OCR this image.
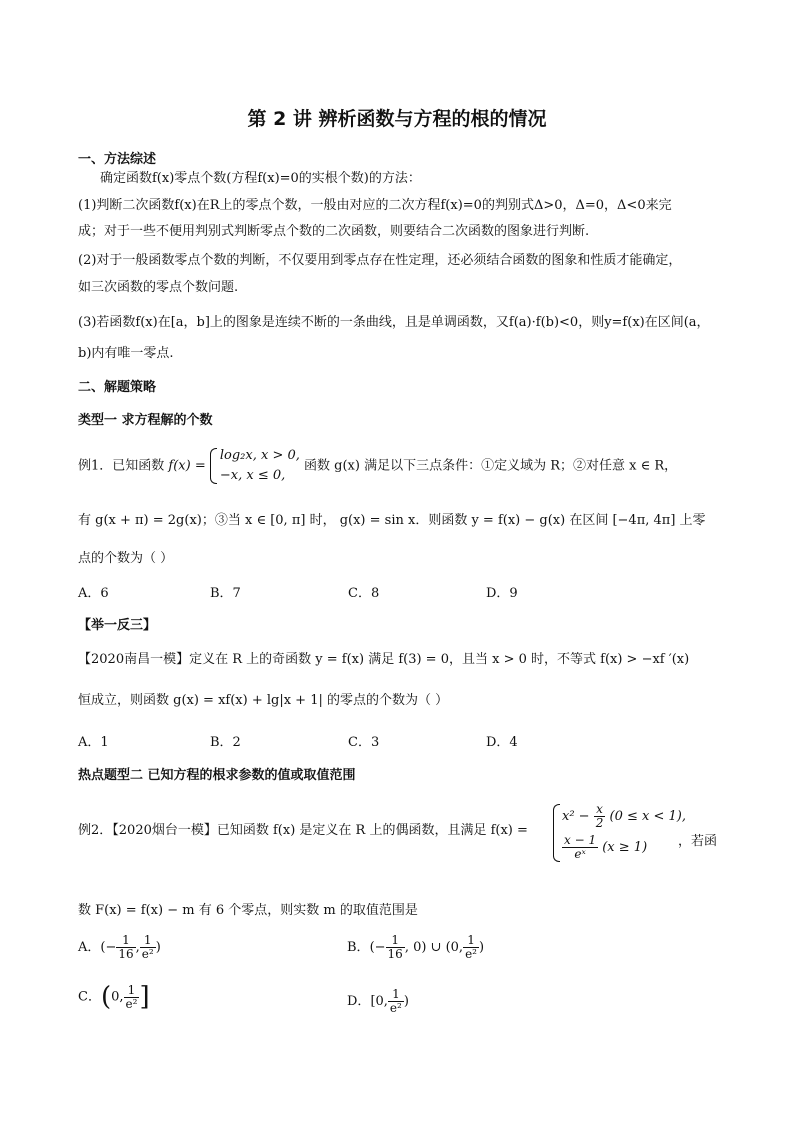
第 2 讲 辨析函数与方程的根的情况
一、方法综述
确定函数f(x)零点个数(方程f(x)=0的实根个数)的方法：
(1)判断二次函数f(x)在R上的零点个数，一般由对应的二次方程f(x)=0的判别式Δ>0，Δ=0，Δ<0来完
成；对于一些不便用判别式判断零点个数的二次函数，则要结合二次函数的图象进行判断.
(2)对于一般函数零点个数的判断，不仅要用到零点存在性定理，还必须结合函数的图象和性质才能确定，
如三次函数的零点个数问题.
(3)若函数f(x)在[a，b]上的图象是连续不断的一条曲线，且是单调函数，又f(a)·f(b)<0，则y=f(x)在区间(a，
b)内有唯一零点.
二、解题策略
类型一 求方程解的个数
例1．已知函数 f(x) =
log₂x, x > 0,
−x, x ≤ 0,
函数 g(x) 满足以下三点条件：①定义域为 R；②对任意 x ∈ R，
有 g(x + π) = 2g(x)；③当 x ∈ [0, π] 时， g(x) = sin x．则函数 y = f(x) − g(x) 在区间 [−4π, 4π] 上零
点的个数为（ ）
A．6	B．7	C．8	D．9
【举一反三】
【2020南昌一模】定义在 R 上的奇函数 y = f(x) 满足 f(3) = 0，且当 x > 0 时，不等式 f(x) > −xf ′(x)
恒成立，则函数 g(x) = xf(x) + lg|x + 1| 的零点的个数为（ ）
A．1	B．2	C．3	D．4
热点题型二 已知方程的根求参数的值或取值范围
例2．【2020烟台一模】已知函数 f(x) 是定义在 R 上的偶函数，且满足 f(x) =
$x^2 - \frac{x}{2} (0 \le x < 1)$,
$\frac{x - 1}{\text{eˣ}} (x \ge 1)$	，若函
数 F(x) = f(x) − m 有 6 个零点，则实数 m 的取值范围是
A．(− $\frac{1}{16}$ , $\frac{1}{\text{e²}}$ )	B．(− $\frac{1}{16}$ , 0) ∪ (0, $\frac{1}{\text{e²}}$ )
C．(0, $\frac{1}{\text{e²}}$ ]	D．[0, $\frac{1}{\text{e²}}$ )
